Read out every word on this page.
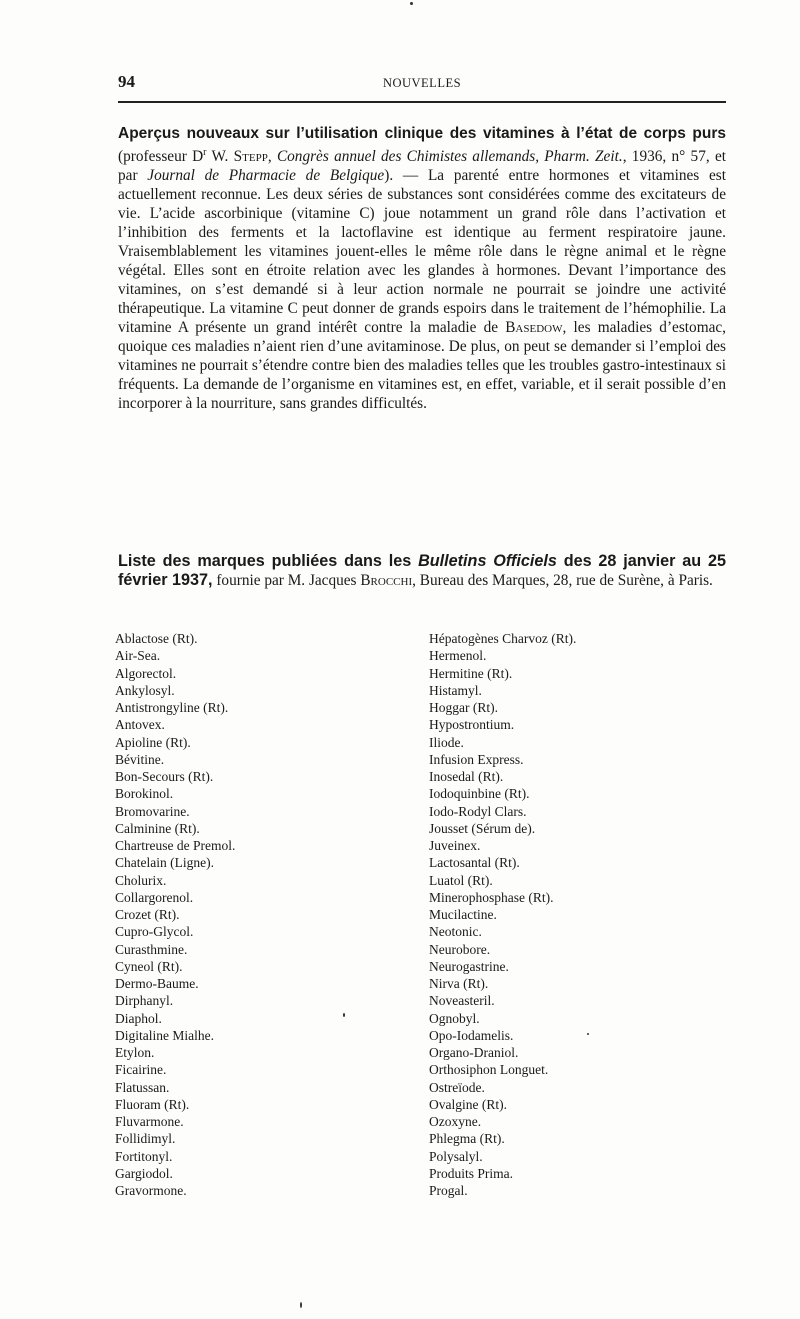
94	NOUVELLES
Aperçus nouveaux sur l’utilisation clinique des vitamines à l’état de corps purs (professeur $D^r$ W. Stepp, Congrès annuel des Chimistes allemands, Pharm. Zeit., 1936, n° 57, et par Journal de Pharmacie de Belgique). — La parenté entre hormones et vitamines est actuellement reconnue. Les deux séries de substances sont considérées comme des excitateurs de vie. L’acide ascorbinique (vitamine C) joue notamment un grand rôle dans l’activation et l’inhibition des ferments et la lactoflavine est identique au ferment respiratoire jaune. Vraisemblablement les vitamines jouent-elles le même rôle dans le règne animal et le règne végétal. Elles sont en étroite relation avec les glandes à hormones. Devant l’importance des vitamines, on s’est demandé si à leur action normale ne pourrait se joindre une activité thérapeutique. La vitamine C peut donner de grands espoirs dans le traitement de l’hémophilie. La vitamine A présente un grand intérêt contre la maladie de Basedow, les maladies d’estomac, quoique ces maladies n’aient rien d’une avitaminose. De plus, on peut se demander si l’emploi des vitamines ne pourrait s’étendre contre bien des maladies telles que les troubles gastro-intestinaux si fréquents. La demande de l’organisme en vitamines est, en effet, variable, et il serait possible d’en incorporer à la nourriture, sans grandes difficultés.
Liste des marques publiées dans les Bulletins Officiels des 28 janvier au 25 février 1937, fournie par M. Jacques Brocchi, Bureau des Marques, 28, rue de Surène, à Paris.
Ablactose (Rt).
Air-Sea.
Algorectol.
Ankylosyl.
Antistrongyline (Rt).
Antovex.
Apioline (Rt).
Bévitine.
Bon-Secours (Rt).
Borokinol.
Bromovarine.
Calminine (Rt).
Chartreuse de Premol.
Chatelain (Ligne).
Cholurix.
Collargorenol.
Crozet (Rt).
Cupro-Glycol.
Curasthmine.
Cyneol (Rt).
Dermo-Baume.
Dirphanyl.
Diaphol.
Digitaline Mialhe.
Etylon.
Ficairine.
Flatussan.
Fluoram (Rt).
Fluvarmone.
Follidimyl.
Fortitonyl.
Gargiodol.
Gravormone.
Hépatogènes Charvoz (Rt).
Hermenol.
Hermitine (Rt).
Histamyl.
Hoggar (Rt).
Hypostrontium.
Iliode.
Infusion Express.
Inosedal (Rt).
Iodoquinbine (Rt).
Iodo-Rodyl Clars.
Jousset (Sérum de).
Juveinex.
Lactosantal (Rt).
Luatol (Rt).
Minerophosphase (Rt).
Mucilactine.
Neotonic.
Neurobore.
Neurogastrine.
Nirva (Rt).
Noveasteril.
Ognobyl.
Opo-Iodamelis.
Organo-Draniol.
Orthosiphon Longuet.
Ostreïode.
Ovalgine (Rt).
Ozoxyne.
Phlegma (Rt).
Polysalyl.
Produits Prima.
Progal.
